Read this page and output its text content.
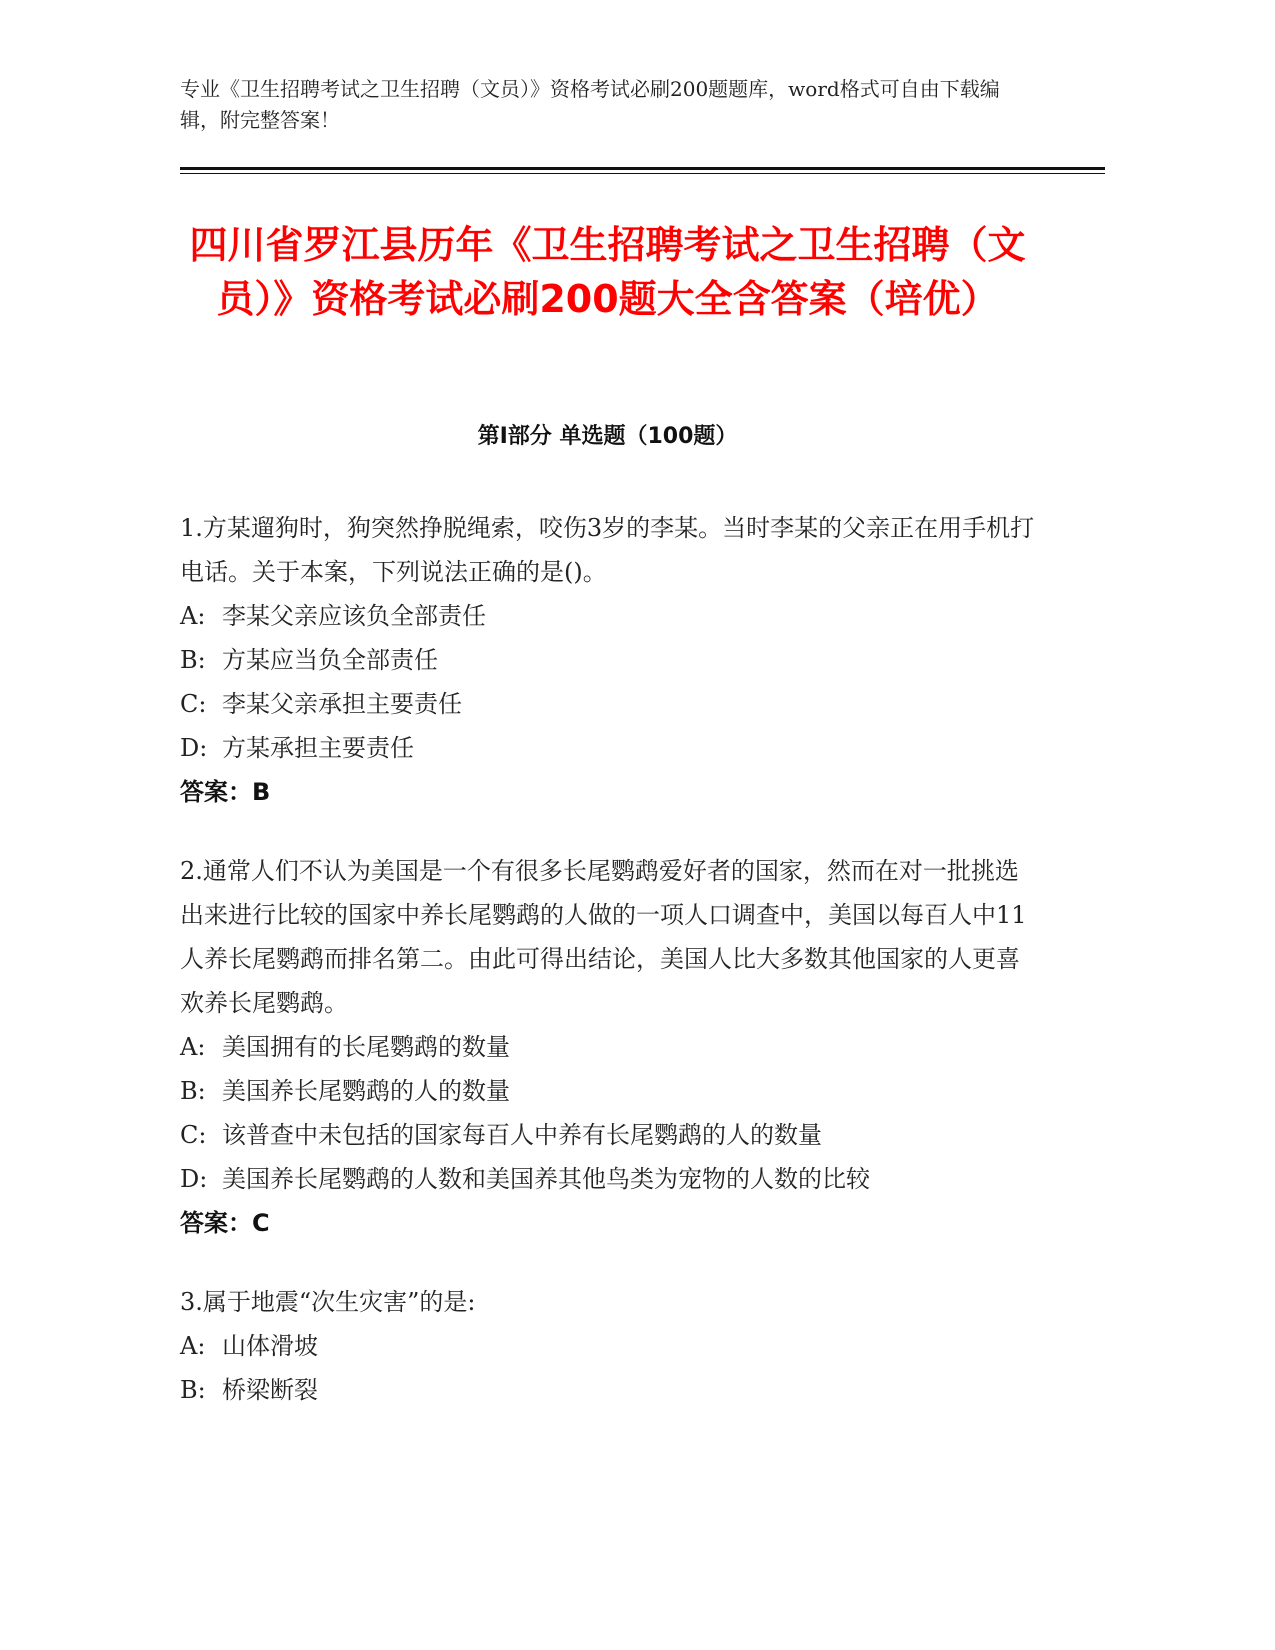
专业《卫生招聘考试之卫生招聘（文员）》资格考试必刷200题题库，word格式可自由下载编辑，附完整答案！
四川省罗江县历年《卫生招聘考试之卫生招聘（文员）》资格考试必刷200题大全含答案（培优）
第I部分 单选题（100题）
1.方某遛狗时，狗突然挣脱绳索，咬伤3岁的李某。当时李某的父亲正在用手机打电话。关于本案，下列说法正确的是()。
A: 李某父亲应该负全部责任
B: 方某应当负全部责任
C: 李某父亲承担主要责任
D: 方某承担主要责任
答案：B
2.通常人们不认为美国是一个有很多长尾鹦鹉爱好者的国家，然而在对一批挑选出来进行比较的国家中养长尾鹦鹉的人做的一项人口调查中，美国以每百人中11人养长尾鹦鹉而排名第二。由此可得出结论，美国人比大多数其他国家的人更喜欢养长尾鹦鹉。
A: 美国拥有的长尾鹦鹉的数量
B: 美国养长尾鹦鹉的人的数量
C: 该普查中未包括的国家每百人中养有长尾鹦鹉的人的数量
D: 美国养长尾鹦鹉的人数和美国养其他鸟类为宠物的人数的比较
答案：C
3.属于地震“次生灾害”的是:
A: 山体滑坡
B: 桥梁断裂
